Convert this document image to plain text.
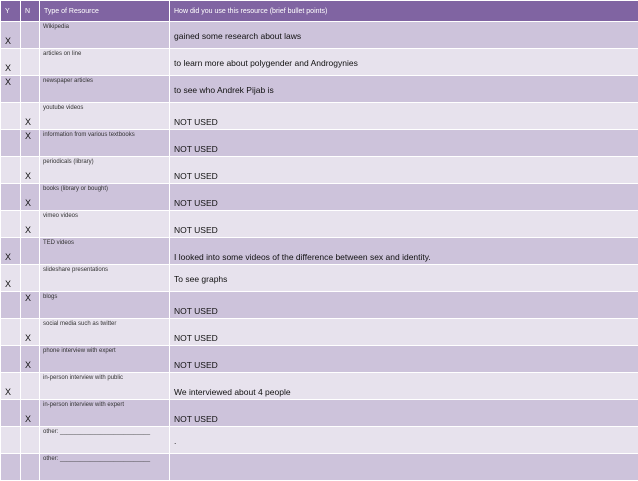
Y	N	Type of Resource	How did you use this resource (brief bullet points)

X		Wikipedia	gained some research about laws

X		articles on line	to learn more about polygender and Androgynies

X		newspaper articles	to see who Andrek Pijab is

	X	youtube videos	NOT USED

	X	information from various textbooks	NOT USED

	X	periodicals (library)	NOT USED

	X	books (library or bought)	NOT USED

	X	vimeo videos	NOT USED

X		TED videos	I looked into some videos of the difference between sex and identity.

X		slideshare presentations	To see graphs

	X	blogs	NOT USED

	X	social media such as twitter	NOT USED

	X	phone interview with expert	NOT USED

X		in-person interview with public	We interviewed about 4 people

	X	in-person interview with expert	NOT USED

		other: ___________________________	.

		other: ___________________________	
